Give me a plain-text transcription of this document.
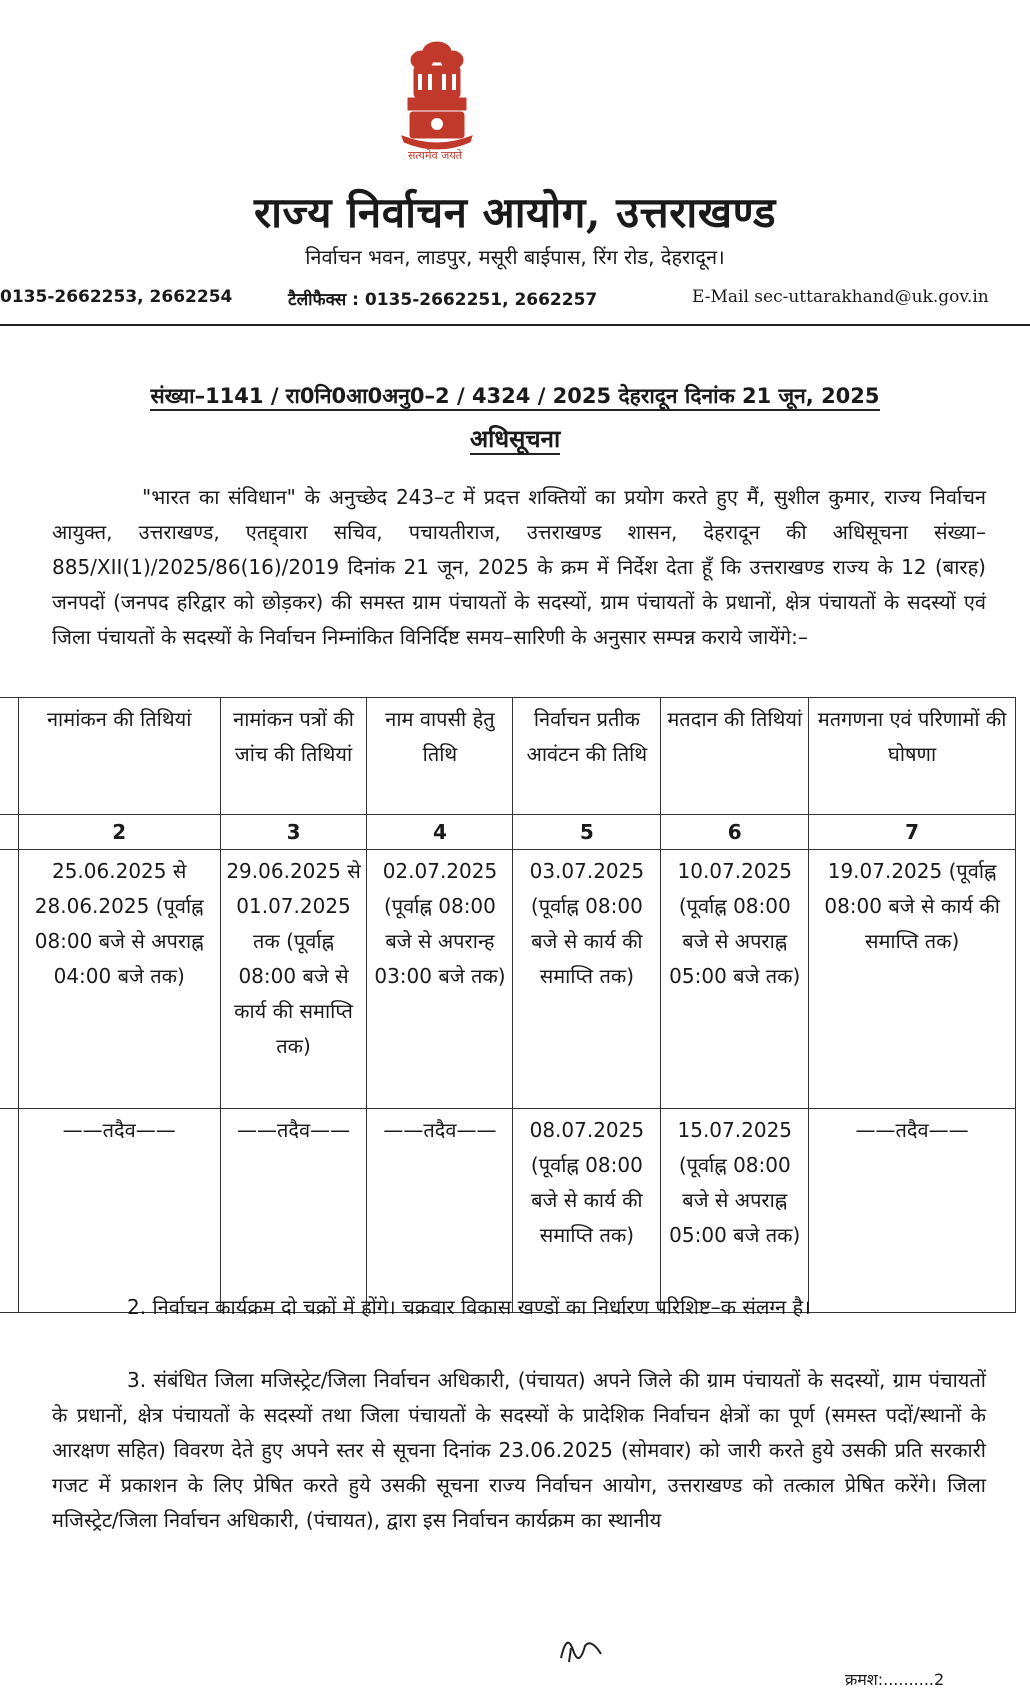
सत्यमेव जयते
राज्य निर्वाचन आयोग, उत्तराखण्ड
निर्वाचन भवन, लाडपुर, मसूरी बाईपास, रिंग रोड, देहरादून।
0135-2662253, 2662254	टैलीफैक्स : 0135-2662251, 2662257	E-Mail sec-uttarakhand@uk.gov.in
संख्या–1141 / रा0नि0आ0अनु0–2 / 4324 / 2025 देहरादून दिनांक 21 जून, 2025
अधिसूचना
"भारत का संविधान" के अनुच्छेद 243–ट में प्रदत्त शक्तियों का प्रयोग करते हुए मैं, सुशील कुमार, राज्य निर्वाचन आयुक्त, उत्तराखण्ड, एतद्द्वारा सचिव, पचायतीराज, उत्तराखण्ड शासन, देहरादून की अधिसूचना संख्या–885/XII(1)/2025/86(16)/2019 दिनांक 21 जून, 2025 के क्रम में निर्देश देता हूँ कि उत्तराखण्ड राज्य के 12 (बारह) जनपदों (जनपद हरिद्वार को छोड़कर) की समस्त ग्राम पंचायतों के सदस्यों, ग्राम पंचायतों के प्रधानों, क्षेत्र पंचायतों के सदस्यों एवं जिला पंचायतों के सदस्यों के निर्वाचन निम्नांकित विनिर्दिष्ट समय–सारिणी के अनुसार सम्पन्न कराये जायेंगे:–
	नामांकन की तिथियां	नामांकन पत्रों की जांच की तिथियां	नाम वापसी हेतु तिथि	निर्वाचन प्रतीक आवंटन की तिथि	मतदान की तिथियां	मतगणना एवं परिणामों की घोषणा
	2	3	4	5	6	7
	25.06.2025 से 28.06.2025 (पूर्वाह्न 08:00 बजे से अपराह्न 04:00 बजे तक)	29.06.2025 से 01.07.2025 तक (पूर्वाह्न 08:00 बजे से कार्य की समाप्ति तक)	02.07.2025 (पूर्वाह्न 08:00 बजे से अपरान्ह 03:00 बजे तक)	03.07.2025 (पूर्वाह्न 08:00 बजे से कार्य की समाप्ति तक)	10.07.2025 (पूर्वाह्न 08:00 बजे से अपराह्न 05:00 बजे तक)	19.07.2025 (पूर्वाह्न 08:00 बजे से कार्य की समाप्ति तक)
	——तदैव——	——तदैव——	——तदैव——	08.07.2025 (पूर्वाह्न 08:00 बजे से कार्य की समाप्ति तक)	15.07.2025 (पूर्वाह्न 08:00 बजे से अपराह्न 05:00 बजे तक)	——तदैव——
2. निर्वाचन कार्यक्रम दो चक्रों में होंगे। चक्रवार विकास खण्डों का निर्धारण परिशिष्ट–क संलग्न है।
3. संबंधित जिला मजिस्ट्रेट/जिला निर्वाचन अधिकारी, (पंचायत) अपने जिले की ग्राम पंचायतों के सदस्यों, ग्राम पंचायतों के प्रधानों, क्षेत्र पंचायतों के सदस्यों तथा जिला पंचायतों के सदस्यों के प्रादेशिक निर्वाचन क्षेत्रों का पूर्ण (समस्त पदों/स्थानों के आरक्षण सहित) विवरण देते हुए अपने स्तर से सूचना दिनांक 23.06.2025 (सोमवार) को जारी करते हुये उसकी प्रति सरकारी गजट में प्रकाशन के लिए प्रेषित करते हुये उसकी सूचना राज्य निर्वाचन आयोग, उत्तराखण्ड को तत्काल प्रेषित करेंगे। जिला मजिस्ट्रेट/जिला निर्वाचन अधिकारी, (पंचायत), द्वारा इस निर्वाचन कार्यक्रम का स्थानीय
क्रमश:..........2
